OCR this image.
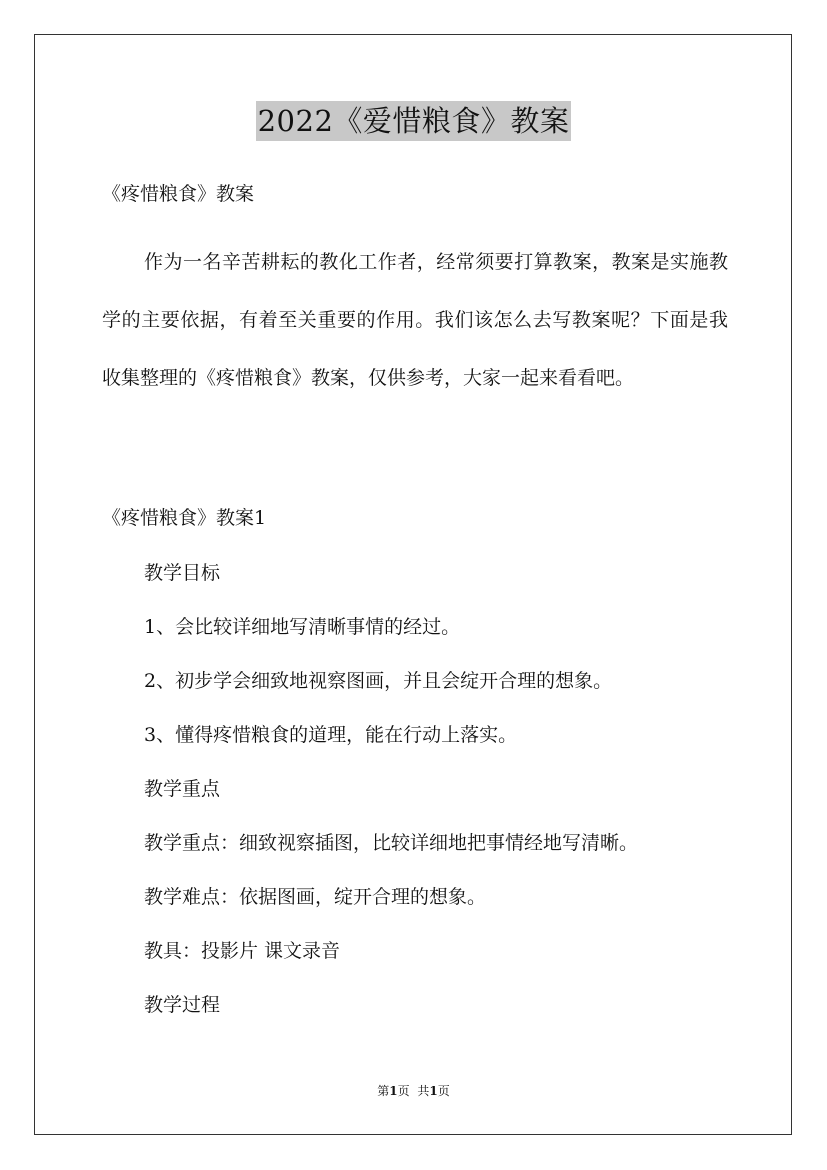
2022《爱惜粮食》教案
《疼惜粮食》教案
作为一名辛苦耕耘的教化工作者，经常须要打算教案，教案是实施教学的主要依据，有着至关重要的作用。我们该怎么去写教案呢？下面是我收集整理的《疼惜粮食》教案，仅供参考，大家一起来看看吧。
《疼惜粮食》教案1
教学目标
1、会比较详细地写清晰事情的经过。
2、初步学会细致地视察图画，并且会绽开合理的想象。
3、懂得疼惜粮食的道理，能在行动上落实。
教学重点
教学重点：细致视察插图，比较详细地把事情经地写清晰。
教学难点：依据图画，绽开合理的想象。
教具：投影片 课文录音
教学过程
第1页 共1页
